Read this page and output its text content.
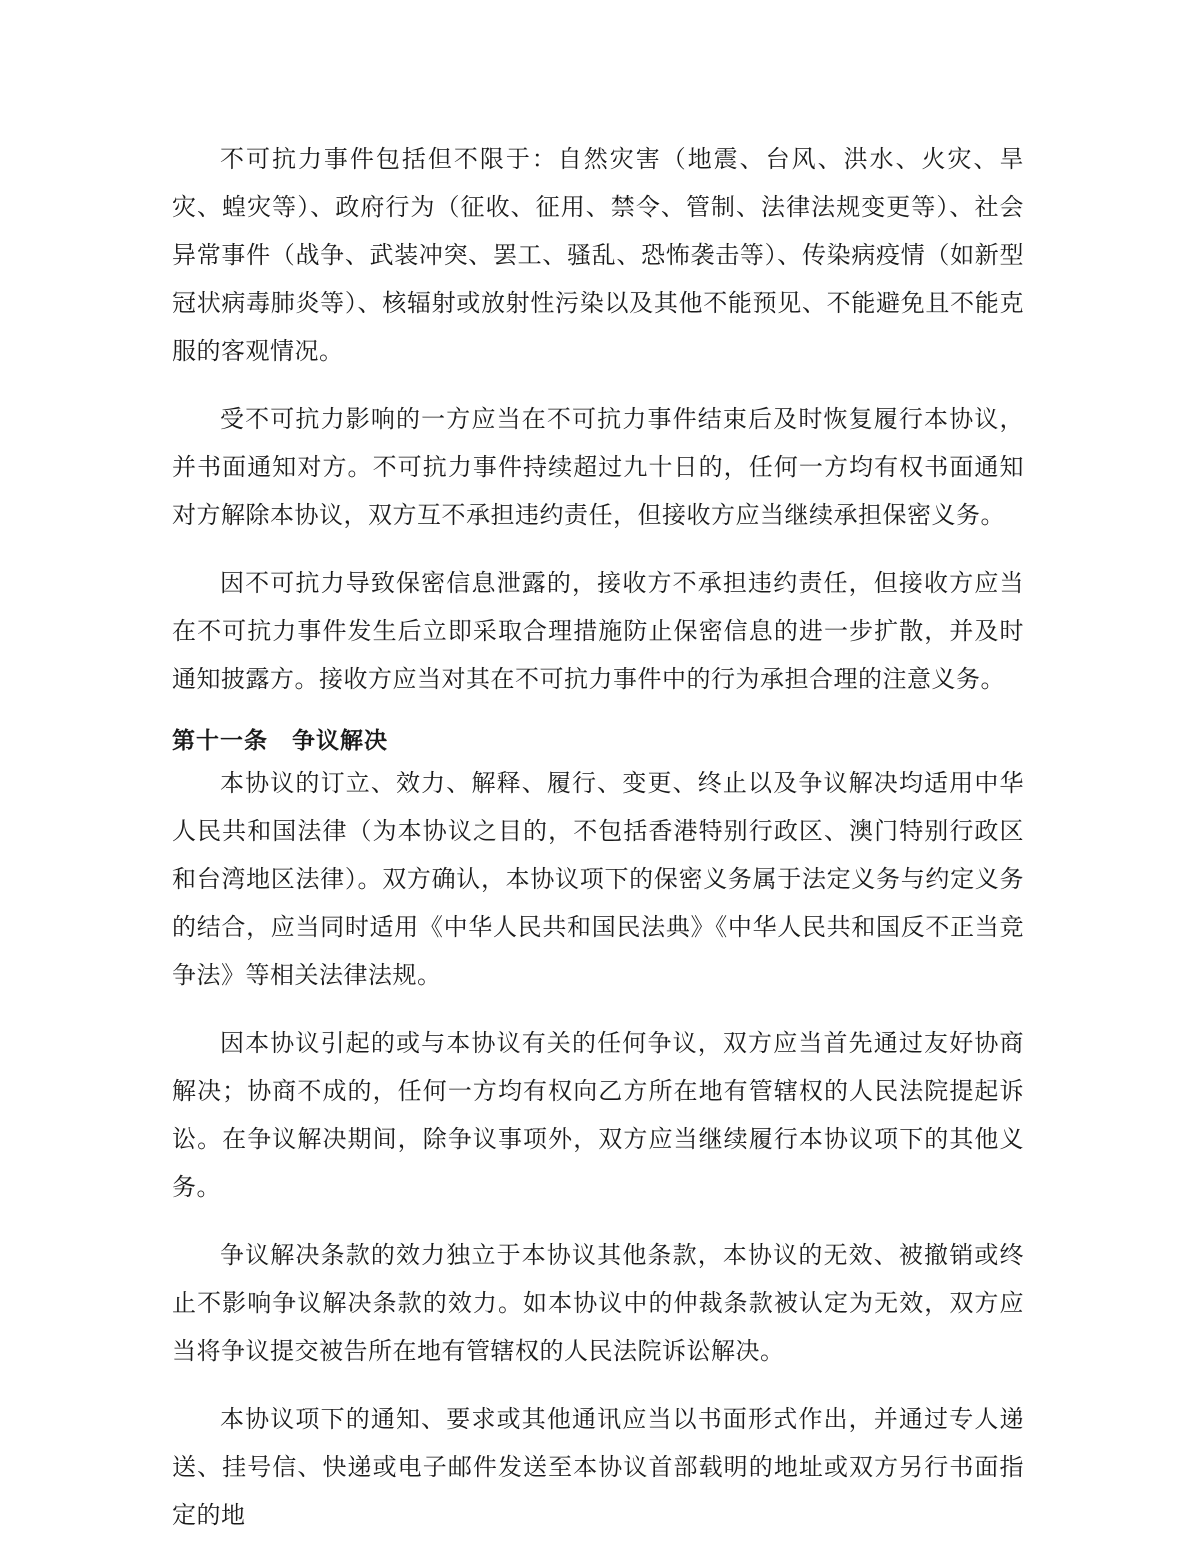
不可抗力事件包括但不限于：自然灾害（地震、台风、洪水、火灾、旱灾、蝗灾等）、政府行为（征收、征用、禁令、管制、法律法规变更等）、社会异常事件（战争、武装冲突、罢工、骚乱、恐怖袭击等）、传染病疫情（如新型冠状病毒肺炎等）、核辐射或放射性污染以及其他不能预见、不能避免且不能克服的客观情况。

受不可抗力影响的一方应当在不可抗力事件结束后及时恢复履行本协议，并书面通知对方。不可抗力事件持续超过九十日的，任何一方均有权书面通知对方解除本协议，双方互不承担违约责任，但接收方应当继续承担保密义务。

因不可抗力导致保密信息泄露的，接收方不承担违约责任，但接收方应当在不可抗力事件发生后立即采取合理措施防止保密信息的进一步扩散，并及时通知披露方。接收方应当对其在不可抗力事件中的行为承担合理的注意义务。

第十一条　争议解决

本协议的订立、效力、解释、履行、变更、终止以及争议解决均适用中华人民共和国法律（为本协议之目的，不包括香港特别行政区、澳门特别行政区和台湾地区法律）。双方确认，本协议项下的保密义务属于法定义务与约定义务的结合，应当同时适用《中华人民共和国民法典》《中华人民共和国反不正当竞争法》等相关法律法规。

因本协议引起的或与本协议有关的任何争议，双方应当首先通过友好协商解决；协商不成的，任何一方均有权向乙方所在地有管辖权的人民法院提起诉讼。在争议解决期间，除争议事项外，双方应当继续履行本协议项下的其他义务。

争议解决条款的效力独立于本协议其他条款，本协议的无效、被撤销或终止不影响争议解决条款的效力。如本协议中的仲裁条款被认定为无效，双方应当将争议提交被告所在地有管辖权的人民法院诉讼解决。

本协议项下的通知、要求或其他通讯应当以书面形式作出，并通过专人递送、挂号信、快递或电子邮件发送至本协议首部载明的地址或双方另行书面指定的地
